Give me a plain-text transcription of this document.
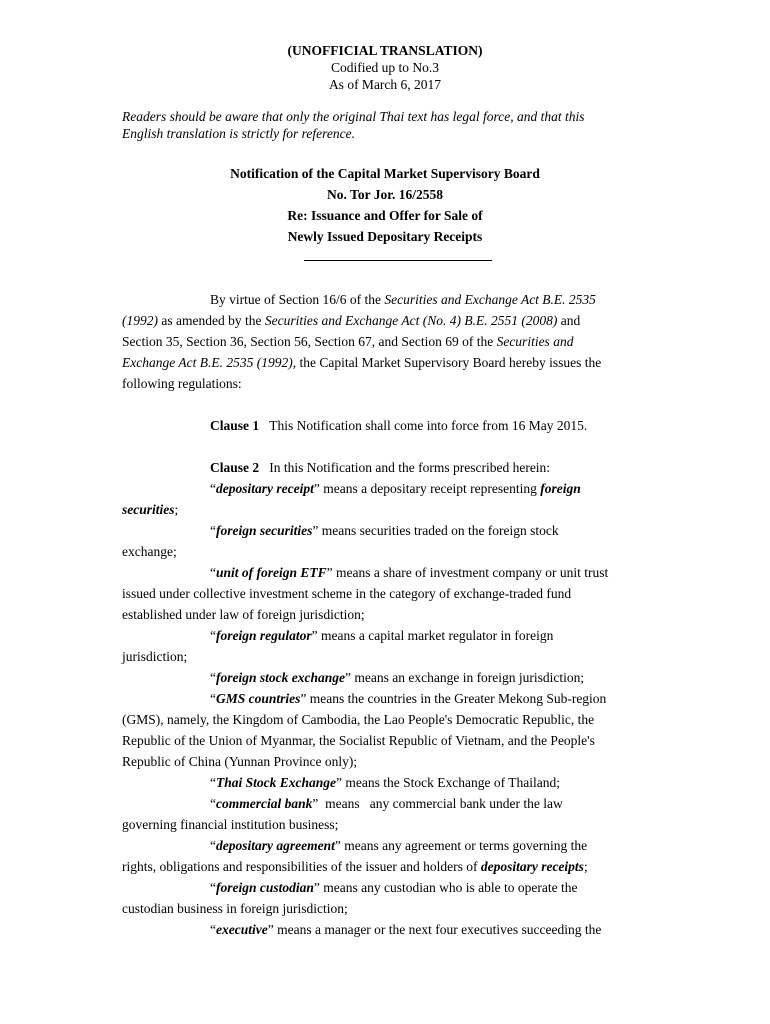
(UNOFFICIAL TRANSLATION)
Codified up to No.3
As of March 6, 2017
Readers should be aware that only the original Thai text has legal force, and that this
English translation is strictly for reference.
Notification of the Capital Market Supervisory Board
No. Tor Jor. 16/2558
Re: Issuance and Offer for Sale of
Newly Issued Depositary Receipts
By virtue of Section 16/6 of the Securities and Exchange Act B.E. 2535
(1992) as amended by the Securities and Exchange Act (No. 4) B.E. 2551 (2008) and
Section 35, Section 36, Section 56, Section 67, and Section 69 of the Securities and
Exchange Act B.E. 2535 (1992), the Capital Market Supervisory Board hereby issues the
following regulations:
Clause 1 This Notification shall come into force from 16 May 2015.
Clause 2 In this Notification and the forms prescribed herein:
“depositary receipt” means a depositary receipt representing foreign
securities;
“foreign securities” means securities traded on the foreign stock
exchange;
“unit of foreign ETF” means a share of investment company or unit trust
issued under collective investment scheme in the category of exchange-traded fund
established under law of foreign jurisdiction;
“foreign regulator” means a capital market regulator in foreign
jurisdiction;
“foreign stock exchange” means an exchange in foreign jurisdiction;
“GMS countries” means the countries in the Greater Mekong Sub-region
(GMS), namely, the Kingdom of Cambodia, the Lao People's Democratic Republic, the
Republic of the Union of Myanmar, the Socialist Republic of Vietnam, and the People's
Republic of China (Yunnan Province only);
“Thai Stock Exchange” means the Stock Exchange of Thailand;
“commercial bank”  means   any commercial bank under the law
governing financial institution business;
“depositary agreement” means any agreement or terms governing the
rights, obligations and responsibilities of the issuer and holders of depositary receipts;
“foreign custodian” means any custodian who is able to operate the
custodian business in foreign jurisdiction;
“executive” means a manager or the next four executives succeeding the
